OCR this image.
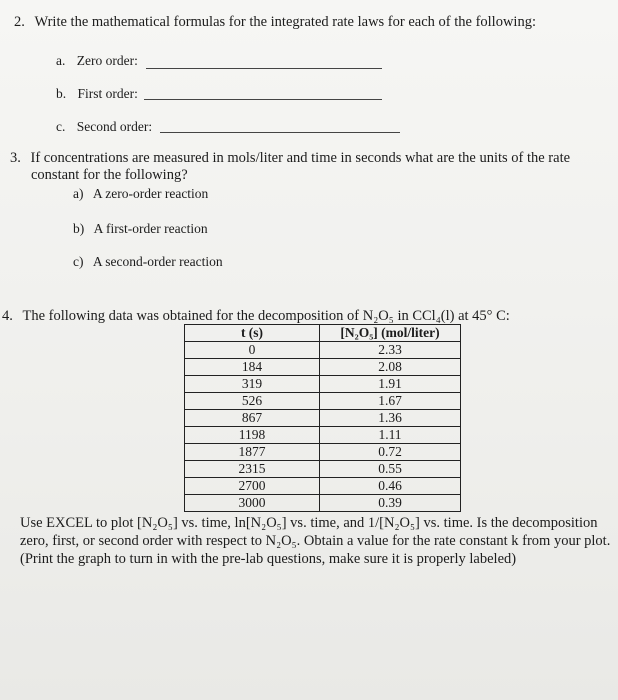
2. Write the mathematical formulas for the integrated rate laws for each of the following:
a. Zero order:
b. First order:
c. Second order:
3. If concentrations are measured in mols/liter and time in seconds what are the units of the rate
constant for the following?
a) A zero-order reaction
b) A first-order reaction
c) A second-order reaction
4. The following data was obtained for the decomposition of N₂O₅ in CCl₄(l) at 45° C:
t (s)	[N₂O₅] (mol/liter)
0	2.33
184	2.08
319	1.91
526	1.67
867	1.36
1198	1.11
1877	0.72
2315	0.55
2700	0.46
3000	0.39
Use EXCEL to plot [N₂O₅] vs. time, ln[N₂O₅] vs. time, and 1/[N₂O₅] vs. time. Is the decomposition zero, first, or second order with respect to N₂O₅. Obtain a value for the rate constant k from your plot. (Print the graph to turn in with the pre-lab questions, make sure it is properly labeled)
